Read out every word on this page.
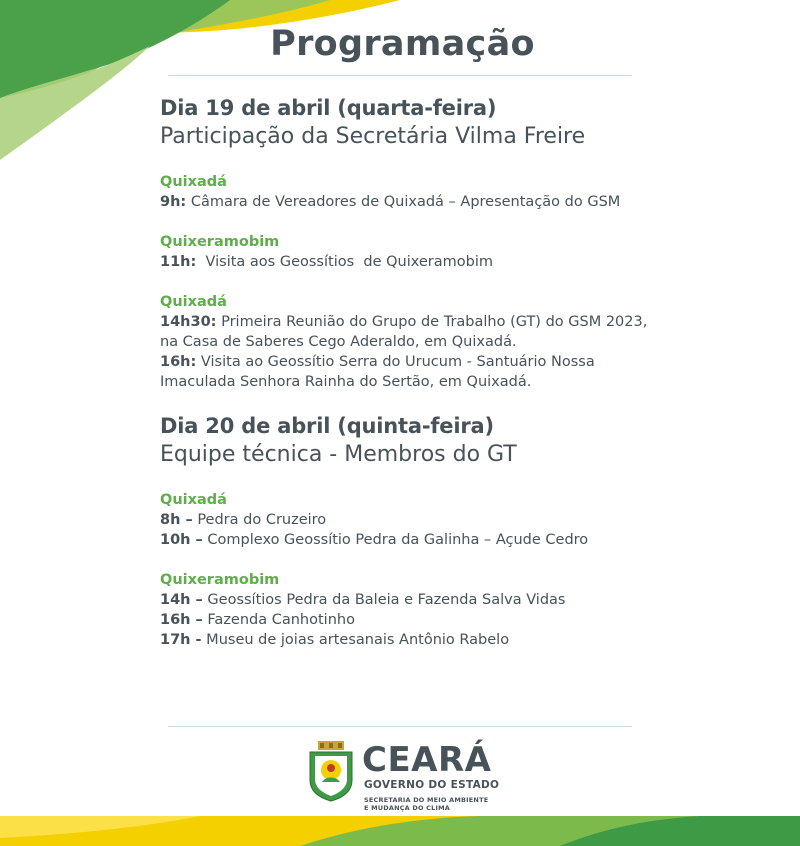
Programação
Dia 19 de abril (quarta-feira)
Participação da Secretária Vilma Freire
Quixadá
9h: Câmara de Vereadores de Quixadá – Apresentação do GSM
Quixeramobim
11h:  Visita aos Geossítios  de Quixeramobim
Quixadá
14h30: Primeira Reunião do Grupo de Trabalho (GT) do GSM 2023,
na Casa de Saberes Cego Aderaldo, em Quixadá.
16h: Visita ao Geossítio Serra do Urucum - Santuário Nossa
Imaculada Senhora Rainha do Sertão, em Quixadá.
Dia 20 de abril (quinta-feira)
Equipe técnica - Membros do GT
Quixadá
8h – Pedra do Cruzeiro
10h – Complexo Geossítio Pedra da Galinha – Açude Cedro
Quixeramobim
14h – Geossítios Pedra da Baleia e Fazenda Salva Vidas
16h – Fazenda Canhotinho
17h - Museu de joias artesanais Antônio Rabelo
CEARÁ
GOVERNO DO ESTADO
SECRETARIA DO MEIO AMBIENTE
E MUDANÇA DO CLIMA
